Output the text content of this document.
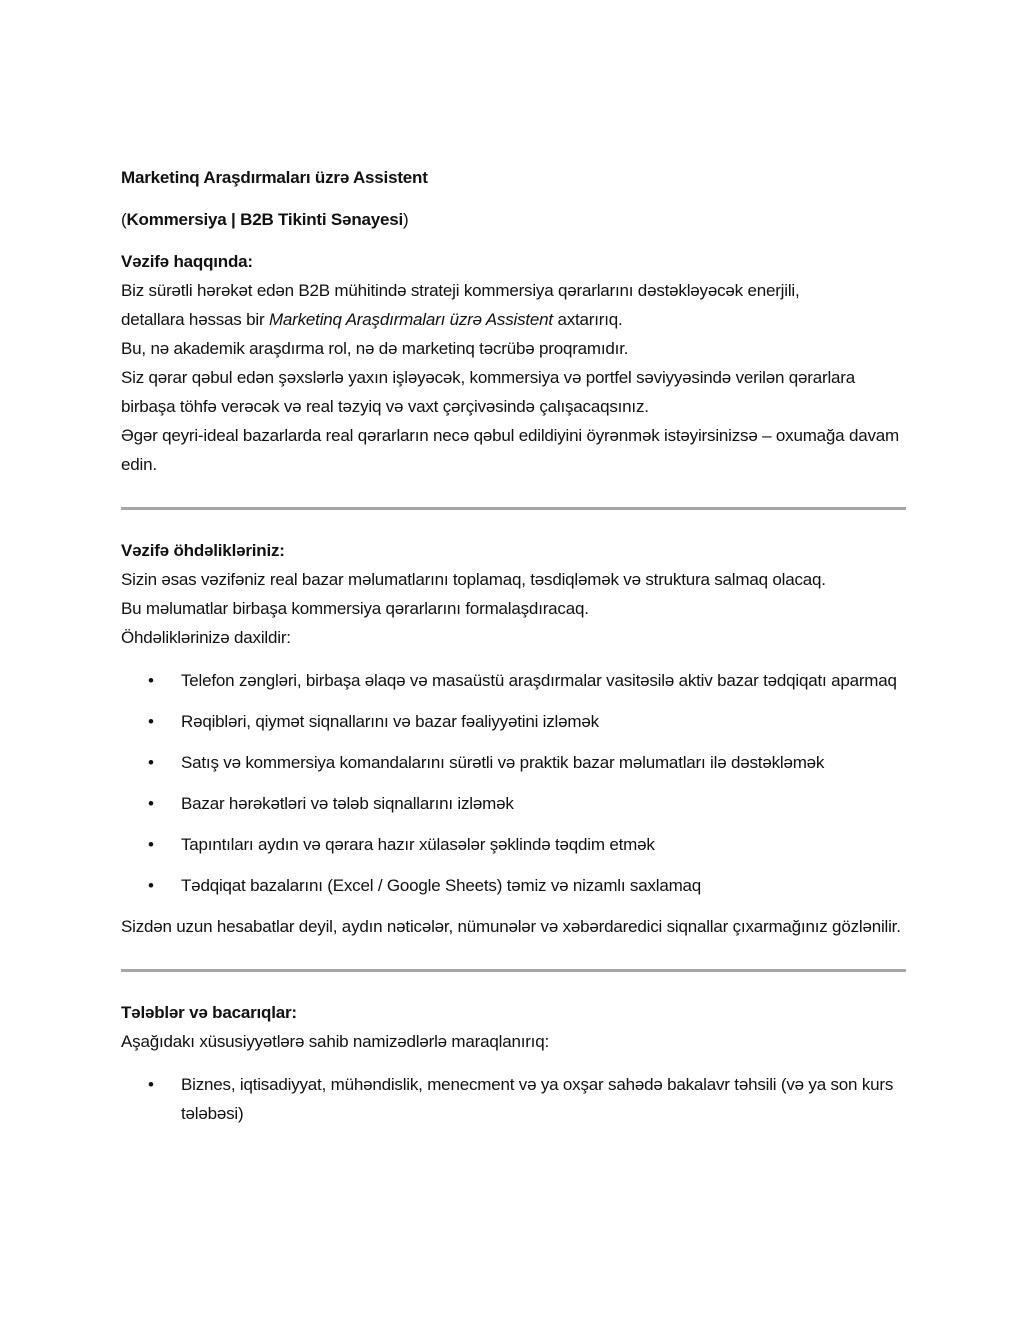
Marketinq Araşdırmaları üzrə Assistent

(Kommersiya | B2B Tikinti Sənayesi)

Vəzifə haqqında:

Biz sürətli hərəkət edən B2B mühitində strateji kommersiya qərarlarını dəstəkləyəcək enerjili,

detallara həssas bir Marketinq Araşdırmaları üzrə Assistent axtarırıq.

Bu, nə akademik araşdırma rol, nə də marketinq təcrübə proqramıdır.

Siz qərar qəbul edən şəxslərlə yaxın işləyəcək, kommersiya və portfel səviyyəsində verilən qərarlara birbaşa töhfə verəcək və real təzyiq və vaxt çərçivəsində çalışacaqsınız.

Əgər qeyri-ideal bazarlarda real qərarların necə qəbul edildiyini öyrənmək istəyirsinizsə – oxumağa davam edin.

Vəzifə öhdəlikləriniz:

Sizin əsas vəzifəniz real bazar məlumatlarını toplamaq, təsdiqləmək və struktura salmaq olacaq.

Bu məlumatlar birbaşa kommersiya qərarlarını formalaşdıracaq.

Öhdəliklərinizə daxildir:

• Telefon zəngləri, birbaşa əlaqə və masaüstü araşdırmalar vasitəsilə aktiv bazar tədqiqatı aparmaq
• Rəqibləri, qiymət siqnallarını və bazar fəaliyyətini izləmək
• Satış və kommersiya komandalarını sürətli və praktik bazar məlumatları ilə dəstəkləmək
• Bazar hərəkətləri və tələb siqnallarını izləmək
• Tapıntıları aydın və qərara hazır xülasələr şəklində təqdim etmək
• Tədqiqat bazalarını (Excel / Google Sheets) təmiz və nizamlı saxlamaq

Sizdən uzun hesabatlar deyil, aydın nəticələr, nümunələr və xəbərdaredici siqnallar çıxarmağınız gözlənilir.

Tələblər və bacarıqlar:

Aşağıdakı xüsusiyyətlərə sahib namizədlərlə maraqlanırıq:

• Biznes, iqtisadiyyat, mühəndislik, menecment və ya oxşar sahədə bakalavr təhsili (və ya son kurs tələbəsi)
